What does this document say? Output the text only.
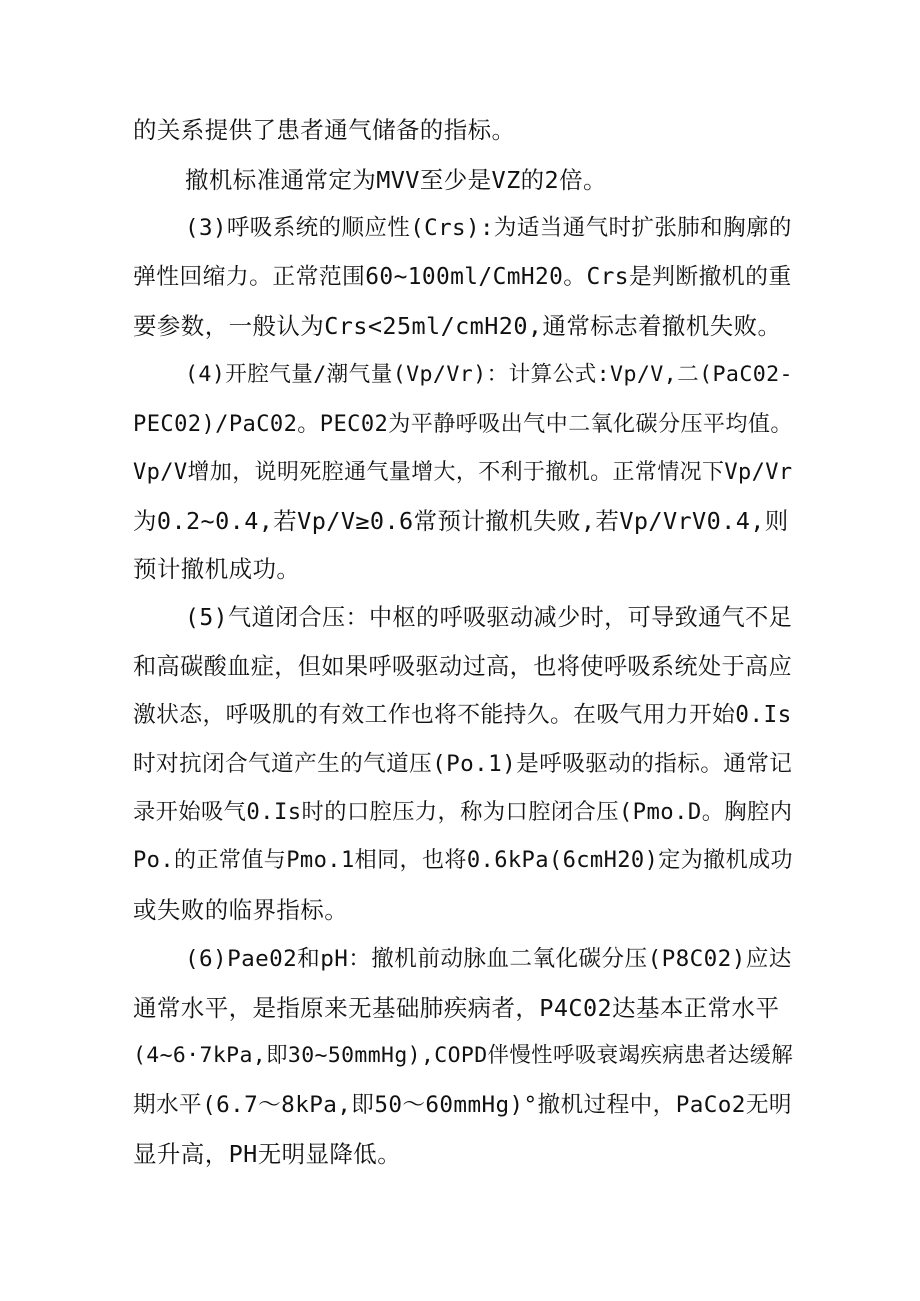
的关系提供了患者通气储备的指标。
撤机标准通常定为MVV至少是VZ的2倍。
(3)呼吸系统的顺应性(Crs):为适当通气时扩张肺和胸廓的
弹性回缩力。正常范围60~100ml/CmH20。Crs是判断撤机的重
要参数，一般认为Crs<25ml/cmH20,通常标志着撤机失败。
(4)开腔气量/潮气量(Vp/Vr)：计算公式:Vp/V,二(PaC02-
PEC02)/PaC02。PEC02为平静呼吸出气中二氧化碳分压平均值。
Vp/V增加，说明死腔通气量增大，不利于撤机。正常情况下Vp/Vr
为0.2~0.4,若Vp/V≥0.6常预计撤机失败,若Vp/VrV0.4,则
预计撤机成功。
(5)气道闭合压：中枢的呼吸驱动减少时，可导致通气不足
和高碳酸血症，但如果呼吸驱动过高，也将使呼吸系统处于高应
激状态，呼吸肌的有效工作也将不能持久。在吸气用力开始0.Is
时对抗闭合气道产生的气道压(Po.1)是呼吸驱动的指标。通常记
录开始吸气0.Is时的口腔压力，称为口腔闭合压(Pmo.D。胸腔内
Po.的正常值与Pmo.1相同，也将0.6kPa(6cmH20)定为撤机成功
或失败的临界指标。
(6)Pae02和pH：撤机前动脉血二氧化碳分压(P8C02)应达
通常水平，是指原来无基础肺疾病者，P4C02达基本正常水平
(4~6·7kPa,即30~50mmHg),COPD伴慢性呼吸衰竭疾病患者达缓解
期水平(6.7～8kPa,即50～60mmHg)°撤机过程中，PaCo2无明
显升高，PH无明显降低。
